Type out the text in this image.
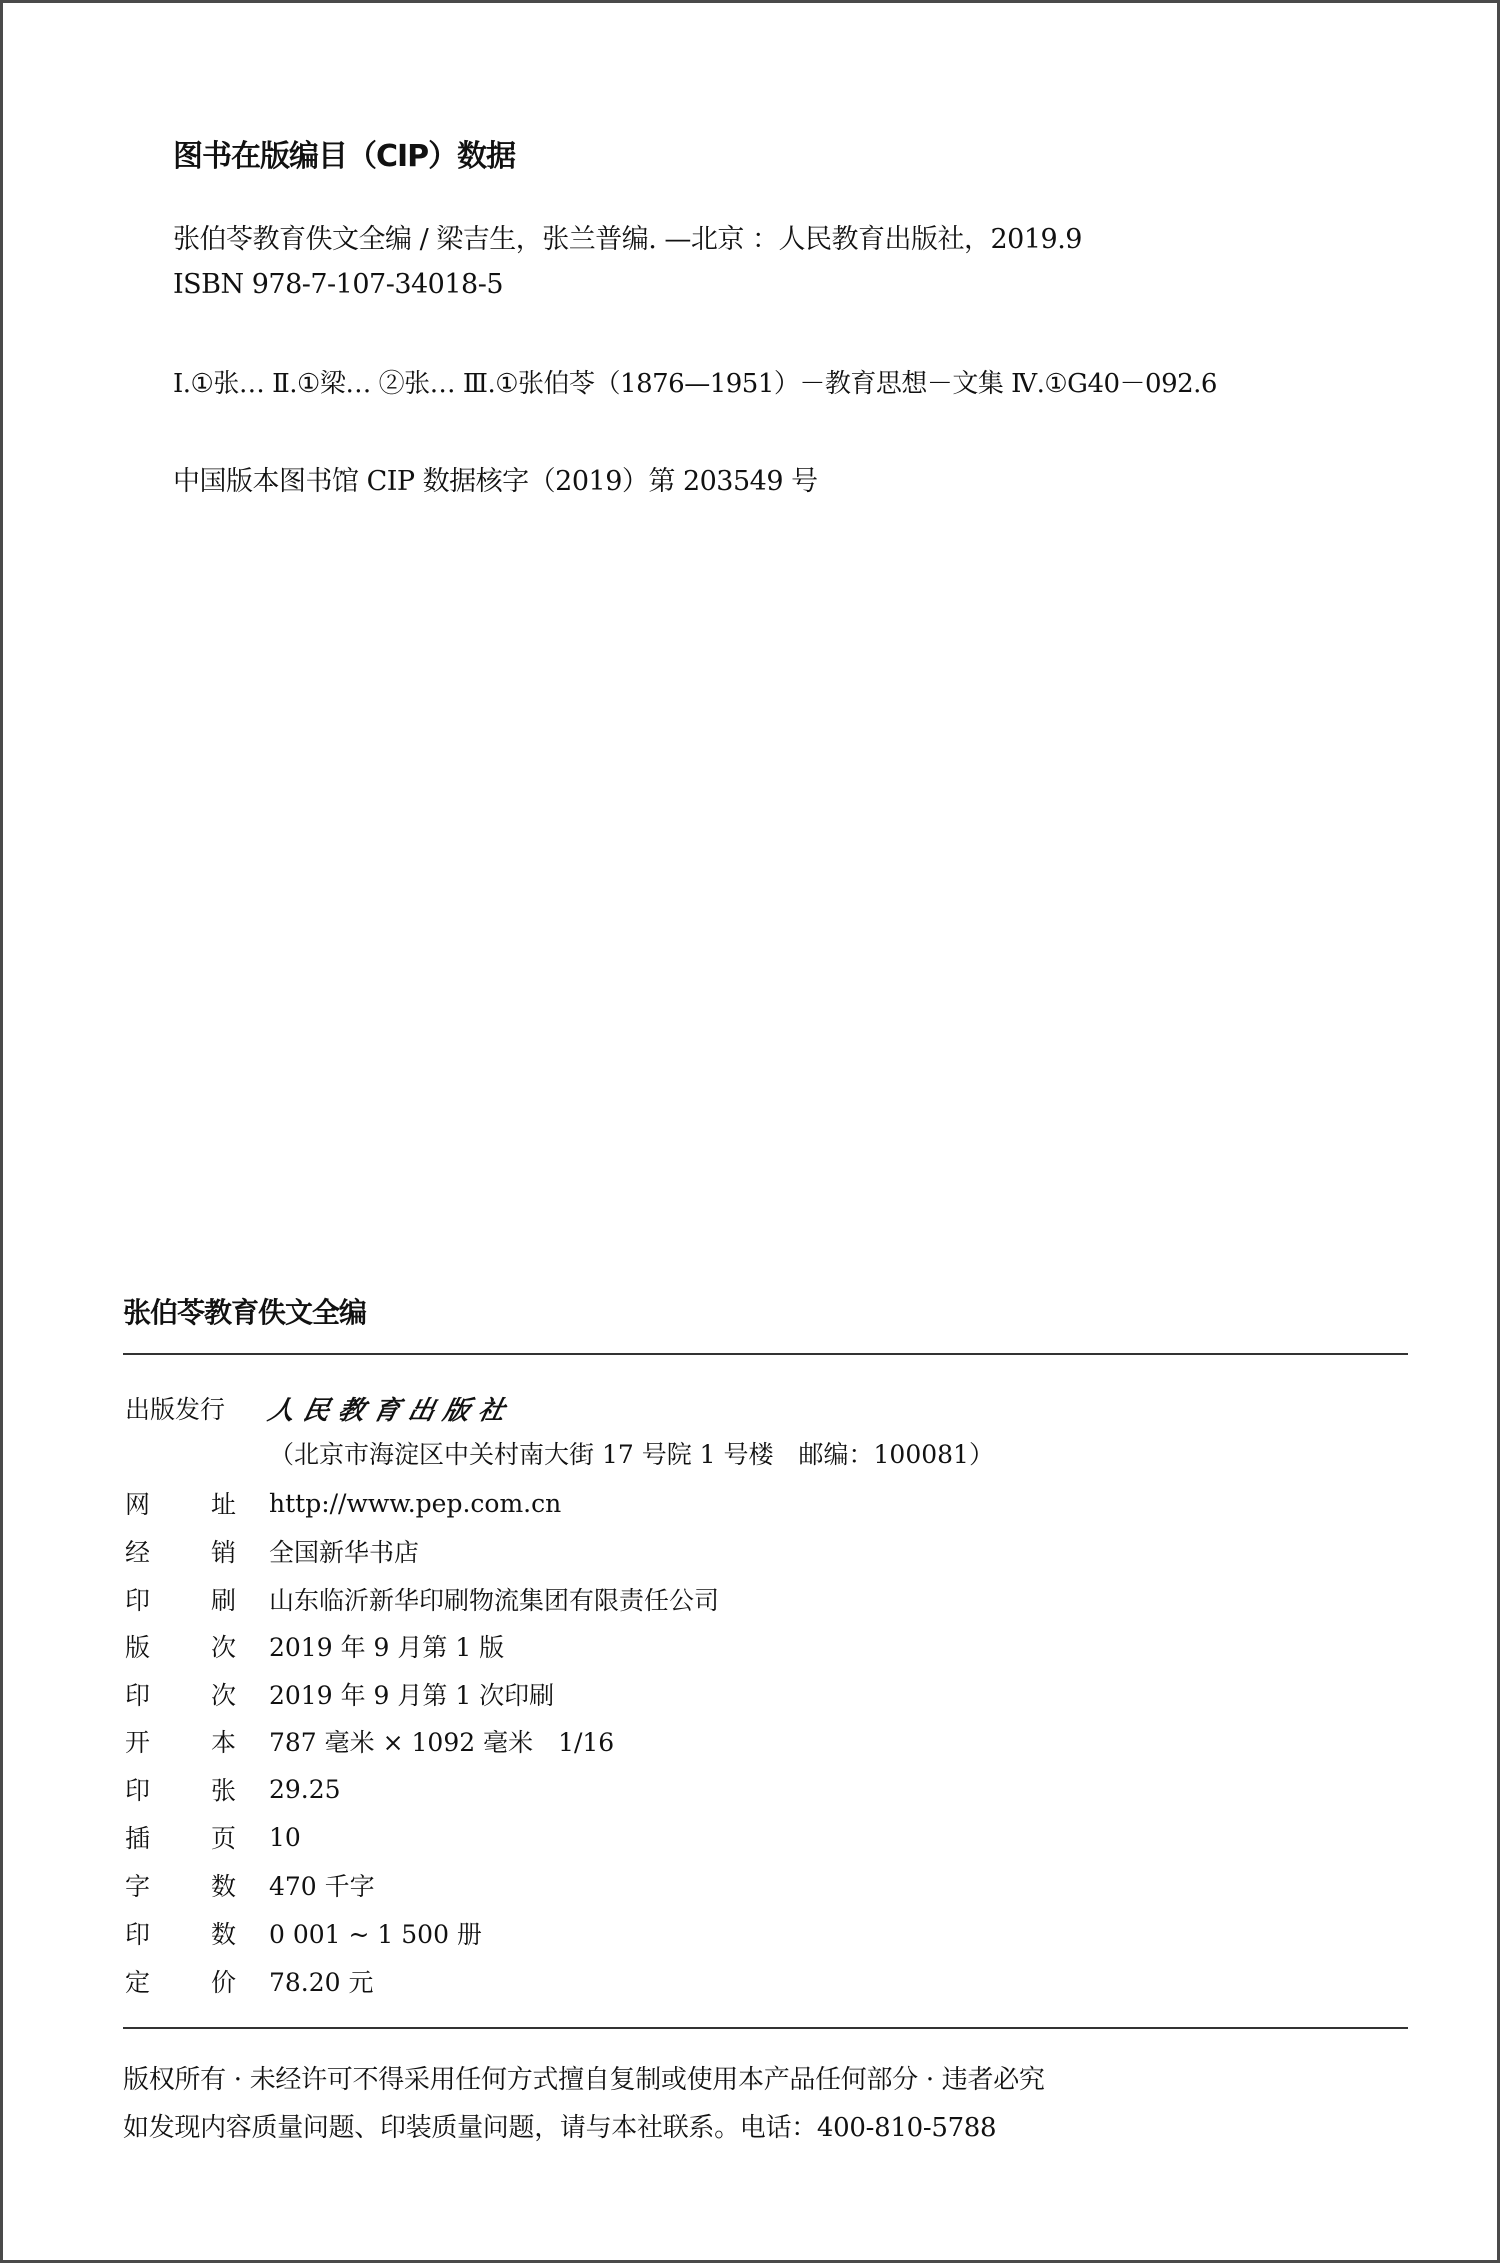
图书在版编目（CIP）数据
张伯苓教育佚文全编 / 梁吉生，张兰普编. —北京 ：人民教育出版社，2019.9
ISBN 978-7-107-34018-5
Ⅰ.①张… Ⅱ.①梁… ②张… Ⅲ.①张伯苓（1876—1951）－教育思想－文集 Ⅳ.①G40－092.6
中国版本图书馆 CIP 数据核字（2019）第 203549 号
张伯苓教育佚文全编
出版发行	人民教育出版社
（北京市海淀区中关村南大街 17 号院 1 号楼　邮编：100081）
网	址	http://www.pep.com.cn
经	销	全国新华书店
印	刷	山东临沂新华印刷物流集团有限责任公司
版	次	2019 年 9 月第 1 版
印	次	2019 年 9 月第 1 次印刷
开	本	787 毫米 × 1092 毫米　1/16
印	张	29.25
插	页	10
字	数	470 千字
印	数	0 001 ~ 1 500 册
定	价	78.20 元
版权所有 · 未经许可不得采用任何方式擅自复制或使用本产品任何部分 · 违者必究
如发现内容质量问题、印装质量问题，请与本社联系。电话：400-810-5788
